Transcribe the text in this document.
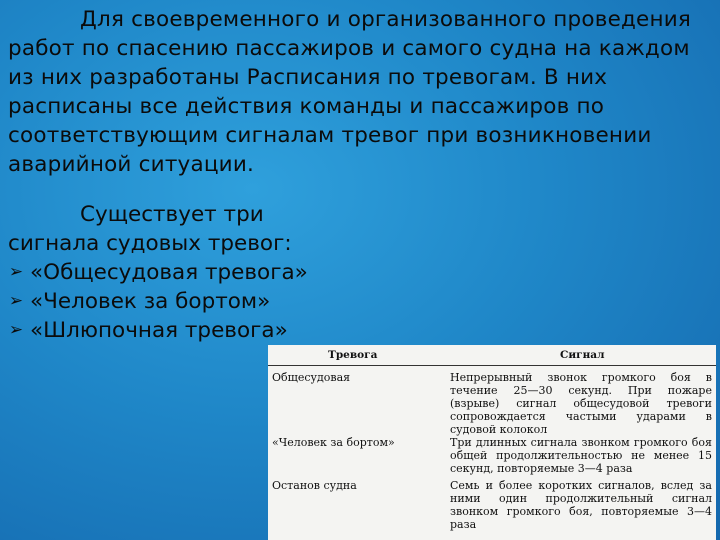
Для своевременного и организованного проведения работ по спасению пассажиров и самого судна на каждом из них разработаны Расписания по тревогам. В них расписаны все действия команды и пассажиров по соответствующим сигналам тревог при возникновении аварийной ситуации.

Существует три
сигнала судовых тревог:
➢ «Общесудовая тревога»
➢ «Человек за бортом»
➢ «Шлюпочная тревога»
Тревога	Сигнал
Общесудовая	Непрерывный звонок громкого боя в течение 25—30 секунд. При пожаре (взрыве) сигнал общесудовой тревоги сопровождается частыми ударами в судовой колокол
«Человек за бортом»	Три длинных сигнала звонком громкого боя общей продолжительностью не менее 15 секунд, повторяемые 3—4 раза
Останов судна	Семь и более коротких сигналов, вслед за ними один продолжительный сигнал звонком громкого боя, повторяемые 3—4 раза
